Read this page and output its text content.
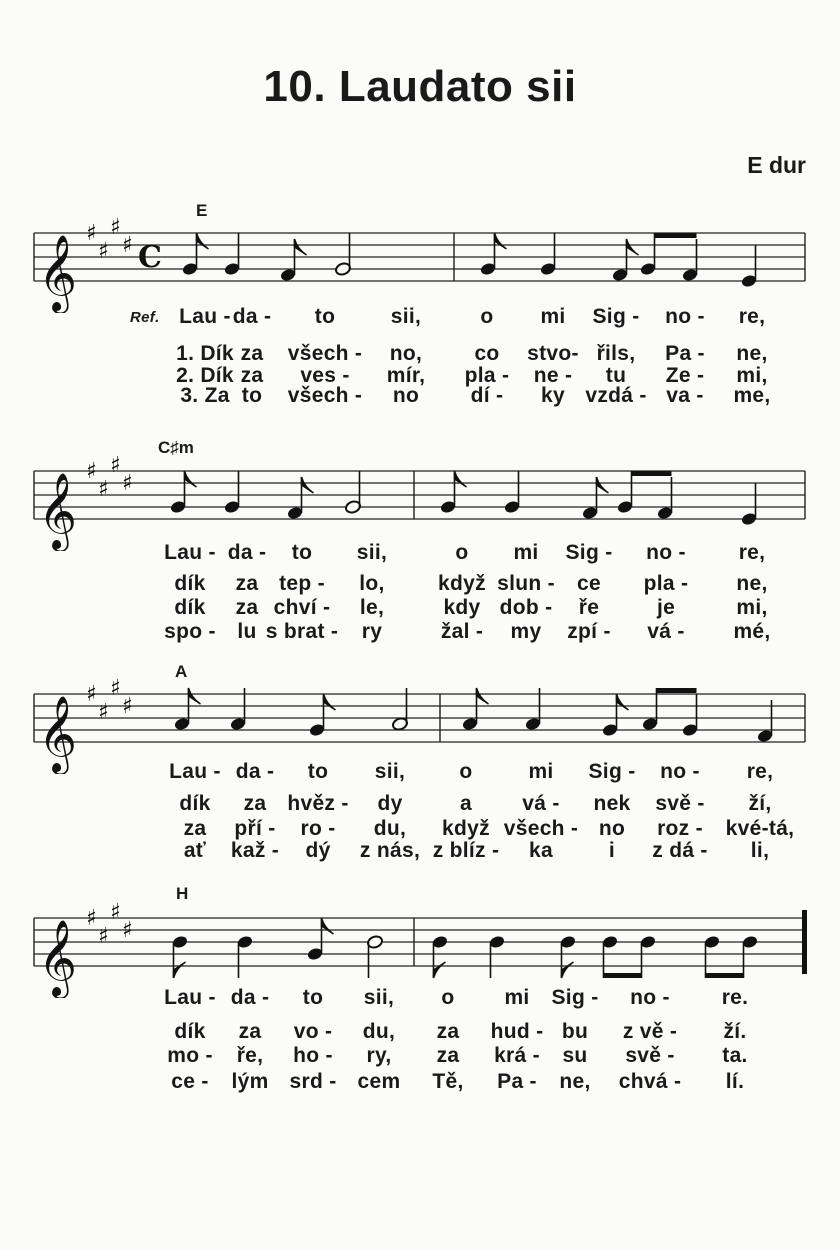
10. Laudato sii
E dur
E
𝄞
♯
♯
♯
♯ C
Ref. Lau - da - to	sii,	o mi Sig - no - re,
1. Dík za všech - no, co stvo- řils, Pa - ne,
2. Dík za ves - mír, pla - ne - tu Ze - mi,
3. Za to všech - no dí - ky vzdá - va - me,
C♯m
𝄞
♯
♯
♯
♯
Lau - da - to sii,	o mi Sig - no -	re,
dík za tep - lo,	když slun - ce pla - ne,
dík za chví - le,	kdy dob - ře	je	mi,
spo - lu s brat - ry	žal - my zpí - vá - mé,
A
𝄞
♯
♯
♯
♯
Lau - da - to sii,	o	mi Sig - no - re,
dík za hvěz - dy	a vá - nek svě - ží,
za pří - ro - du, když všech - no roz - kvé-tá,
ať kaž - dý z nás, z blíz - ka	i z dá - li,
H
𝄞
♯
♯
♯
♯
Lau - da - to sii, o mi Sig - no - re.
dík za vo - du, za hud - bu z vě - ží.
mo - ře, ho - ry, za krá - su svě - ta.
ce - lým srd - cem Tě, Pa - ne, chvá - lí.
